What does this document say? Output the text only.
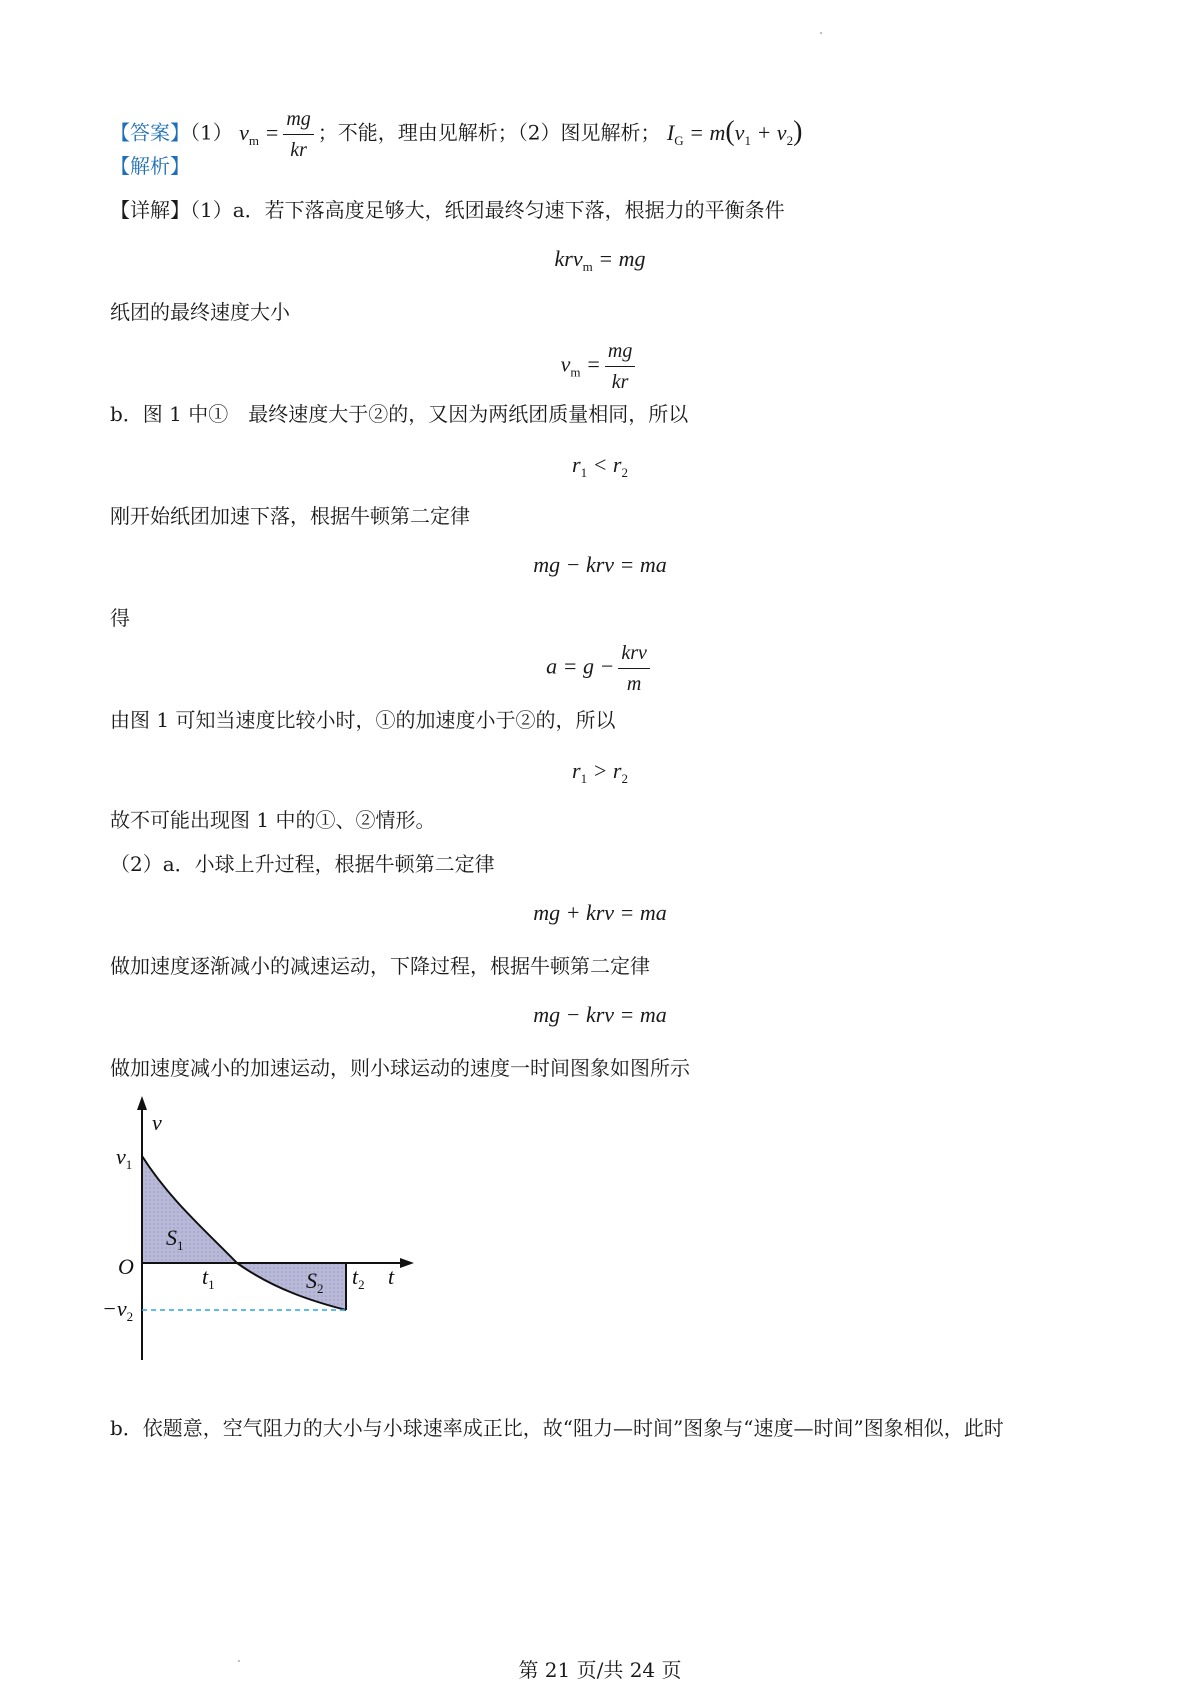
【答案】（1） $v_m = \frac{mg}{kr}$ ；不能，理由见解析；（2）图见解析； $I_G = m(v_1 + v_2)$
【解析】
【详解】（1）a．若下落高度足够大，纸团最终匀速下落，根据力的平衡条件
krv$_m$ = mg
纸团的最终速度大小
$v_m = \frac{mg}{kr}$
b．图 1 中①　最终速度大于②的，又因为两纸团质量相同，所以
$r_1 < r_2$
刚开始纸团加速下落，根据牛顿第二定律
mg − krv = ma
得
$a = g - \frac{\text{krv}}{m}$
由图 1 可知当速度比较小时，①的加速度小于②的，所以
$r_1 > r_2$
故不可能出现图 1 中的①、②情形。
（2）a．小球上升过程，根据牛顿第二定律
mg + krv = ma
做加速度逐渐减小的减速运动，下降过程，根据牛顿第二定律
mg − krv = ma
做加速度减小的加速运动，则小球运动的速度一时间图象如图所示
v
$v_1$
O
$S_1$
$t_1$	$S_2$ $t_2$ t
$-v_2$
b．依题意，空气阻力的大小与小球速率成正比，故“阻力—时间”图象与“速度—时间”图象相似，此时
第 21 页/共 24 页
